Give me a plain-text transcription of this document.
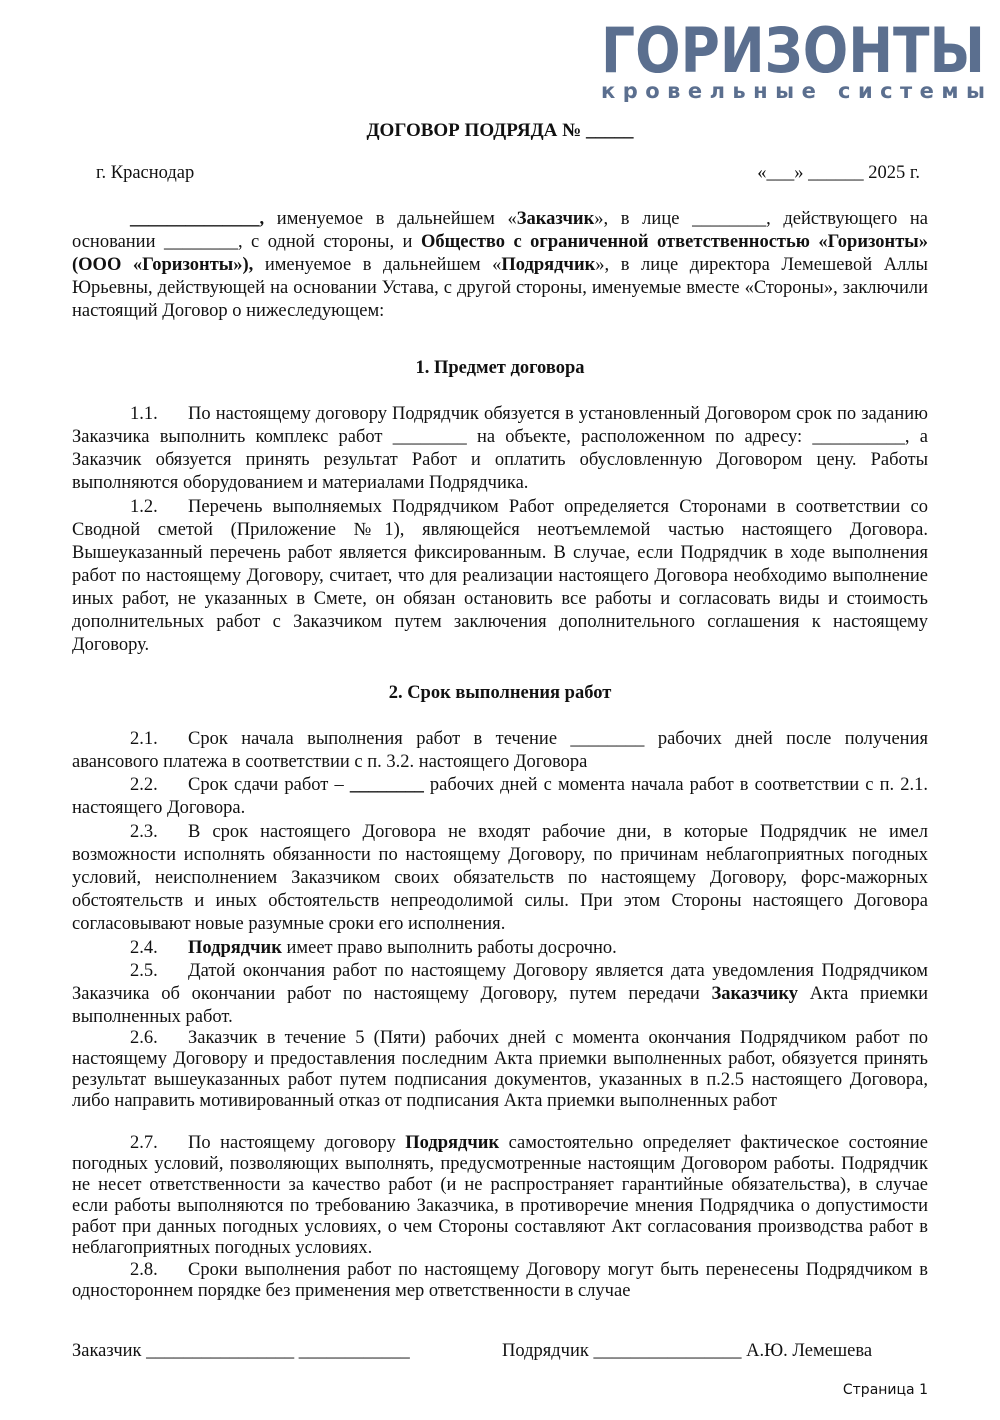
ГОРИЗОНТЫ
кровельные системы
ДОГОВОР ПОДРЯДА № _____
г. Краснодар	«___» ______ 2025 г.

______________, именуемое в дальнейшем «Заказчик», в лице ________, действующего на основании ________, с одной стороны, и Общество с ограниченной ответственностью «Горизонты» (ООО «Горизонты»), именуемое в дальнейшем «Подрядчик», в лице директора Лемешевой Аллы Юрьевны, действующей на основании Устава, с другой стороны, именуемые вместе «Стороны», заключили настоящий Договор о нижеследующем:

1. Предмет договора

1.1. По настоящему договору Подрядчик обязуется в установленный Договором срок по заданию Заказчика выполнить комплекс работ ________ на объекте, расположенном по адресу: __________, а Заказчик обязуется принять результат Работ и оплатить обусловленную Договором цену. Работы выполняются оборудованием и материалами Подрядчика.

1.2. Перечень выполняемых Подрядчиком Работ определяется Сторонами в соответствии со Сводной сметой (Приложение №1), являющейся неотъемлемой частью настоящего Договора. Вышеуказанный перечень работ является фиксированным. В случае, если Подрядчик в ходе выполнения работ по настоящему Договору, считает, что для реализации настоящего Договора необходимо выполнение иных работ, не указанных в Смете, он обязан остановить все работы и согласовать виды и стоимость дополнительных работ с Заказчиком путем заключения дополнительного соглашения к настоящему Договору.

2. Срок выполнения работ

2.1. Срок начала выполнения работ в течение ________ рабочих дней после получения авансового платежа в соответствии с п. 3.2. настоящего Договора

2.2. Срок сдачи работ – ________ рабочих дней с момента начала работ в соответствии с п. 2.1. настоящего Договора.

2.3. В срок настоящего Договора не входят рабочие дни, в которые Подрядчик не имел возможности исполнять обязанности по настоящему Договору, по причинам неблагоприятных погодных условий, неисполнением Заказчиком своих обязательств по настоящему Договору, форс-мажорных обстоятельств и иных обстоятельств непреодолимой силы. При этом Стороны настоящего Договора согласовывают новые разумные сроки его исполнения.

2.4. Подрядчик имеет право выполнить работы досрочно.

2.5. Датой окончания работ по настоящему Договору является дата уведомления Подрядчиком Заказчика об окончании работ по настоящему Договору, путем передачи Заказчику Акта приемки выполненных работ.

2.6. Заказчик в течение 5 (Пяти) рабочих дней с момента окончания Подрядчиком работ по настоящему Договору и предоставления последним Акта приемки выполненных работ, обязуется принять результат вышеуказанных работ путем подписания документов, указанных в п.2.5 настоящего Договора, либо направить мотивированный отказ от подписания Акта приемки выполненных работ

2.7. По настоящему договору Подрядчик самостоятельно определяет фактическое состояние погодных условий, позволяющих выполнять, предусмотренные настоящим Договором работы. Подрядчик не несет ответственности за качество работ (и не распространяет гарантийные обязательства), в случае если работы выполняются по требованию Заказчика, в противоречие мнения Подрядчика о допустимости работ при данных погодных условиях, о чем Стороны составляют Акт согласования производства работ в неблагоприятных погодных условиях.

2.8. Сроки выполнения работ по настоящему Договору могут быть перенесены Подрядчиком в одностороннем порядке без применения мер ответственности в случае

Заказчик ________________ ____________	Подрядчик ________________ А.Ю. Лемешева
Страница 1
